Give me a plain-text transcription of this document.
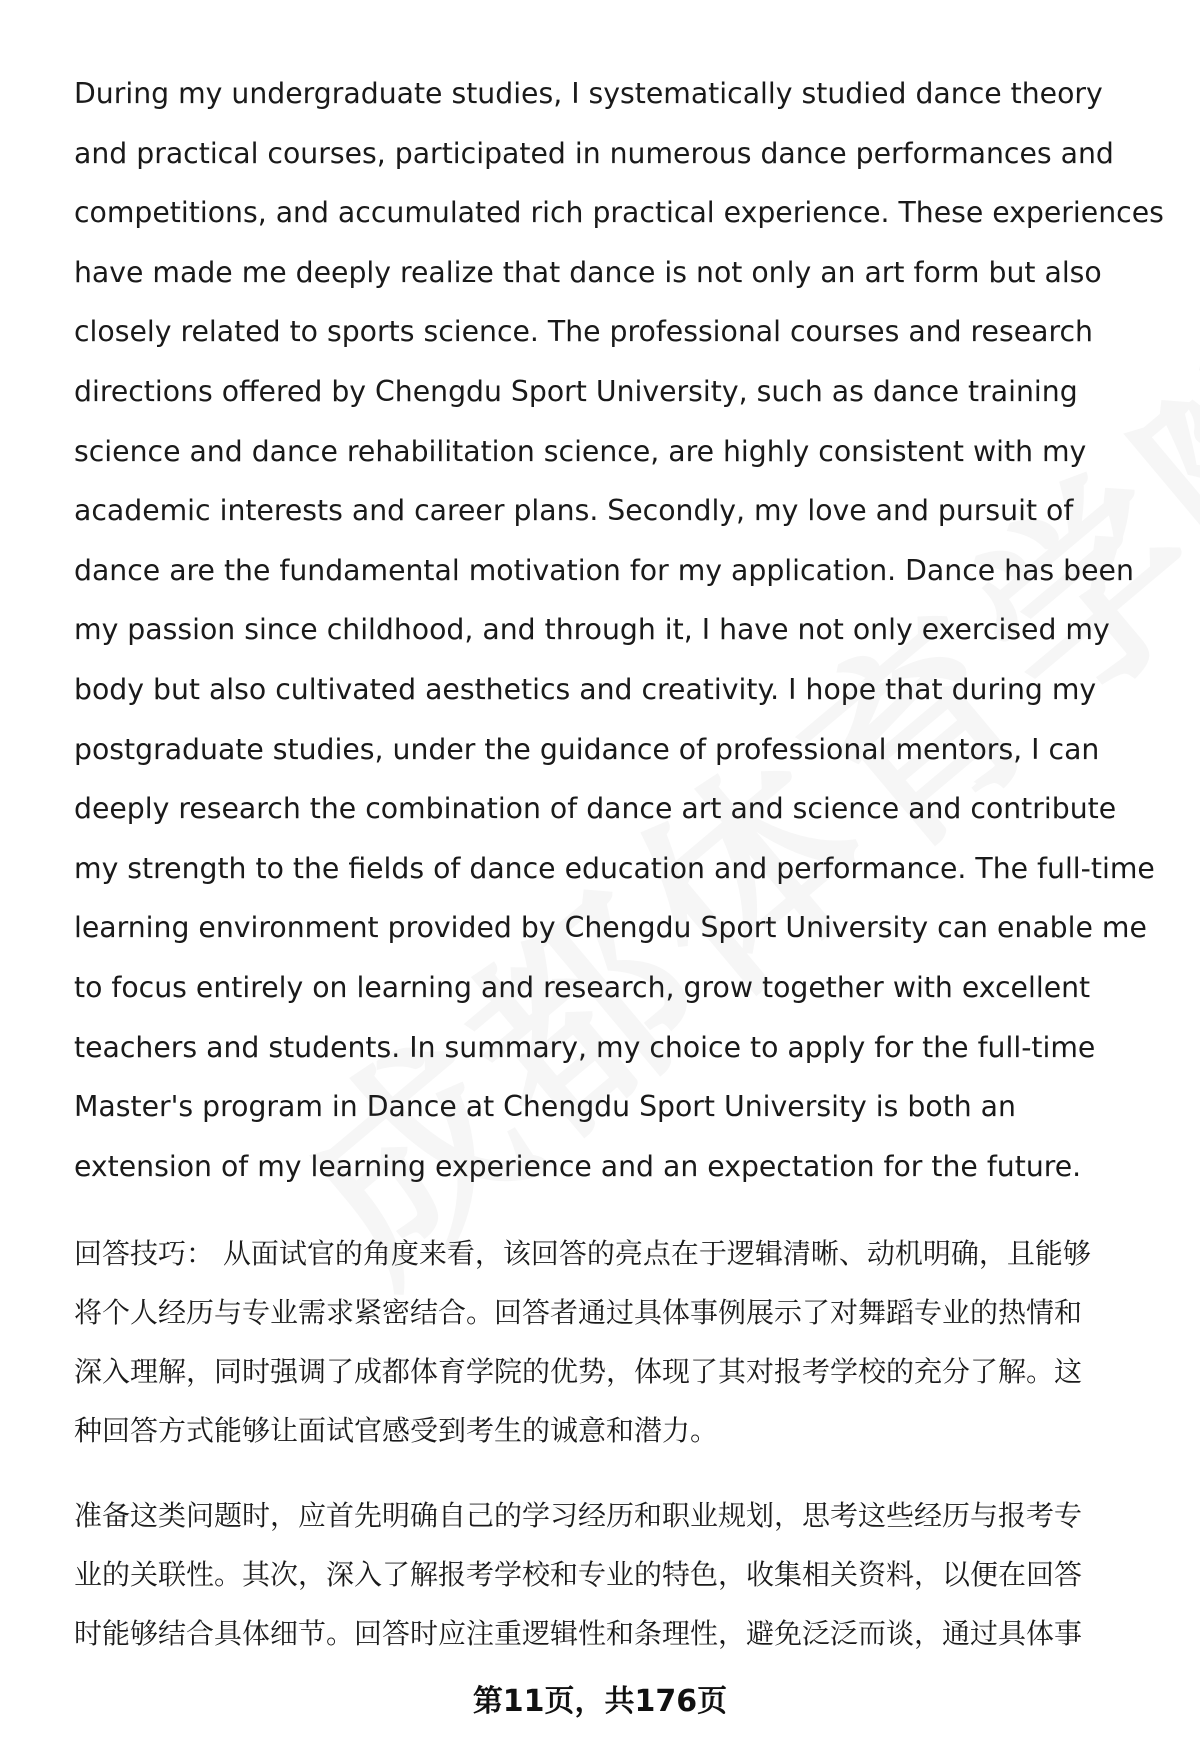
During my undergraduate studies, I systematically studied dance theory
and practical courses, participated in numerous dance performances and
competitions, and accumulated rich practical experience. These experiences
have made me deeply realize that dance is not only an art form but also
closely related to sports science. The professional courses and research
directions offered by Chengdu Sport University, such as dance training
science and dance rehabilitation science, are highly consistent with my
academic interests and career plans. Secondly, my love and pursuit of
dance are the fundamental motivation for my application. Dance has been
my passion since childhood, and through it, I have not only exercised my
body but also cultivated aesthetics and creativity. I hope that during my
postgraduate studies, under the guidance of professional mentors, I can
deeply research the combination of dance art and science and contribute
my strength to the fields of dance education and performance. The full-time
learning environment provided by Chengdu Sport University can enable me
to focus entirely on learning and research, grow together with excellent
teachers and students. In summary, my choice to apply for the full-time
Master's program in Dance at Chengdu Sport University is both an
extension of my learning experience and an expectation for the future.

回答技巧： 从面试官的角度来看，该回答的亮点在于逻辑清晰、动机明确，且能够
将个人经历与专业需求紧密结合。回答者通过具体事例展示了对舞蹈专业的热情和
深入理解，同时强调了成都体育学院的优势，体现了其对报考学校的充分了解。这
种回答方式能够让面试官感受到考生的诚意和潜力。

准备这类问题时，应首先明确自己的学习经历和职业规划，思考这些经历与报考专
业的关联性。其次，深入了解报考学校和专业的特色，收集相关资料，以便在回答
时能够结合具体细节。回答时应注重逻辑性和条理性，避免泛泛而谈，通过具体事

第11页，共176页
